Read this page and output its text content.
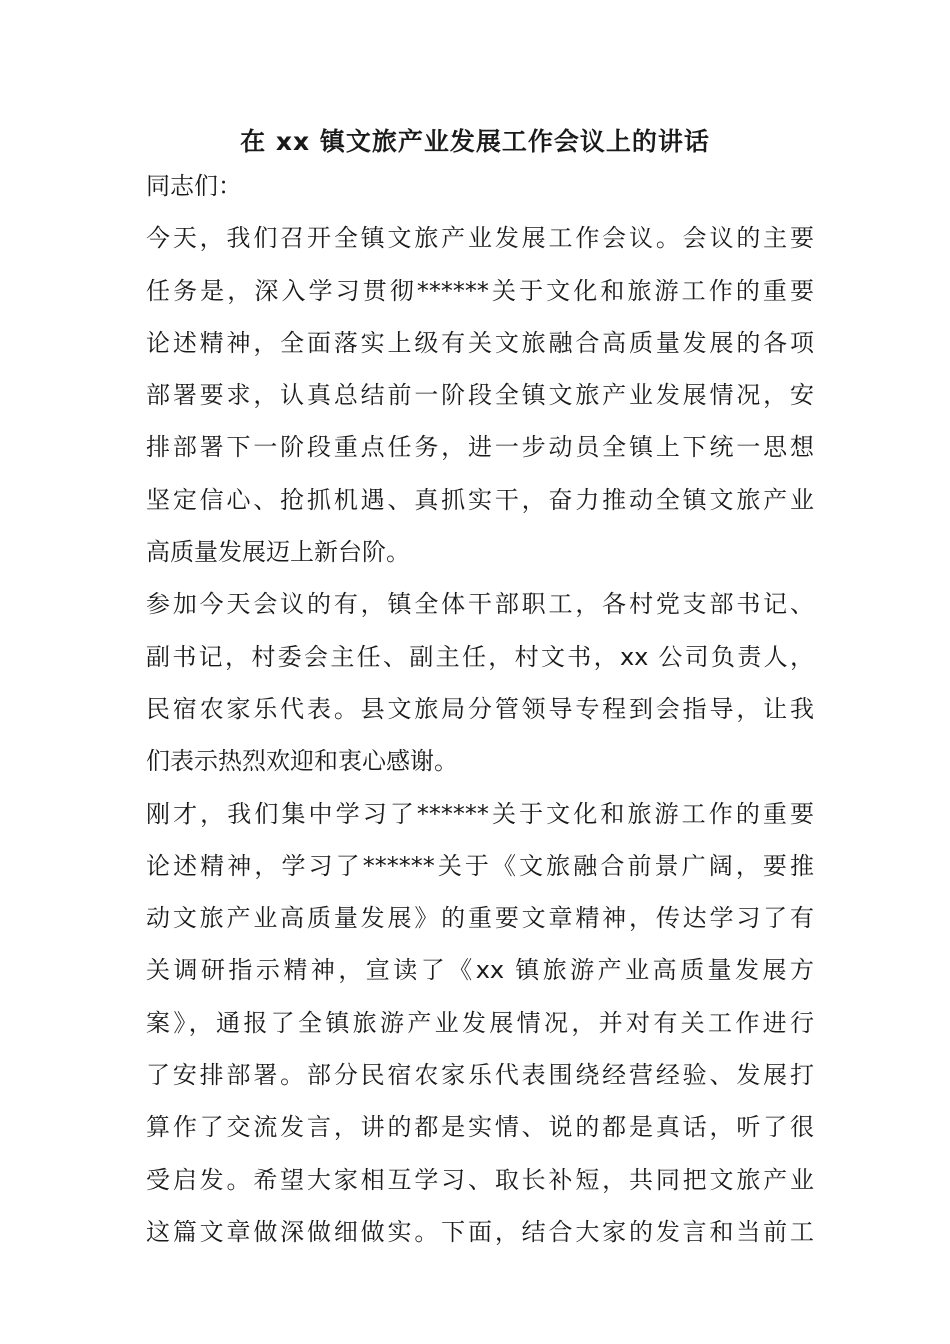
在 xx 镇文旅产业发展工作会议上的讲话
同志们：
今天，我们召开全镇文旅产业发展工作会议。会议的主要
任务是，深入学习贯彻******关于文化和旅游工作的重要
论述精神，全面落实上级有关文旅融合高质量发展的各项
部署要求，认真总结前一阶段全镇文旅产业发展情况，安
排部署下一阶段重点任务，进一步动员全镇上下统一思想
坚定信心、抢抓机遇、真抓实干，奋力推动全镇文旅产业
高质量发展迈上新台阶。
参加今天会议的有，镇全体干部职工，各村党支部书记、
副书记，村委会主任、副主任，村文书，xx 公司负责人，
民宿农家乐代表。县文旅局分管领导专程到会指导，让我
们表示热烈欢迎和衷心感谢。
刚才，我们集中学习了******关于文化和旅游工作的重要
论述精神，学习了******关于《文旅融合前景广阔，要推
动文旅产业高质量发展》的重要文章精神，传达学习了有
关调研指示精神，宣读了《xx 镇旅游产业高质量发展方
案》，通报了全镇旅游产业发展情况，并对有关工作进行
了安排部署。部分民宿农家乐代表围绕经营经验、发展打
算作了交流发言，讲的都是实情、说的都是真话，听了很
受启发。希望大家相互学习、取长补短，共同把文旅产业
这篇文章做深做细做实。下面，结合大家的发言和当前工
